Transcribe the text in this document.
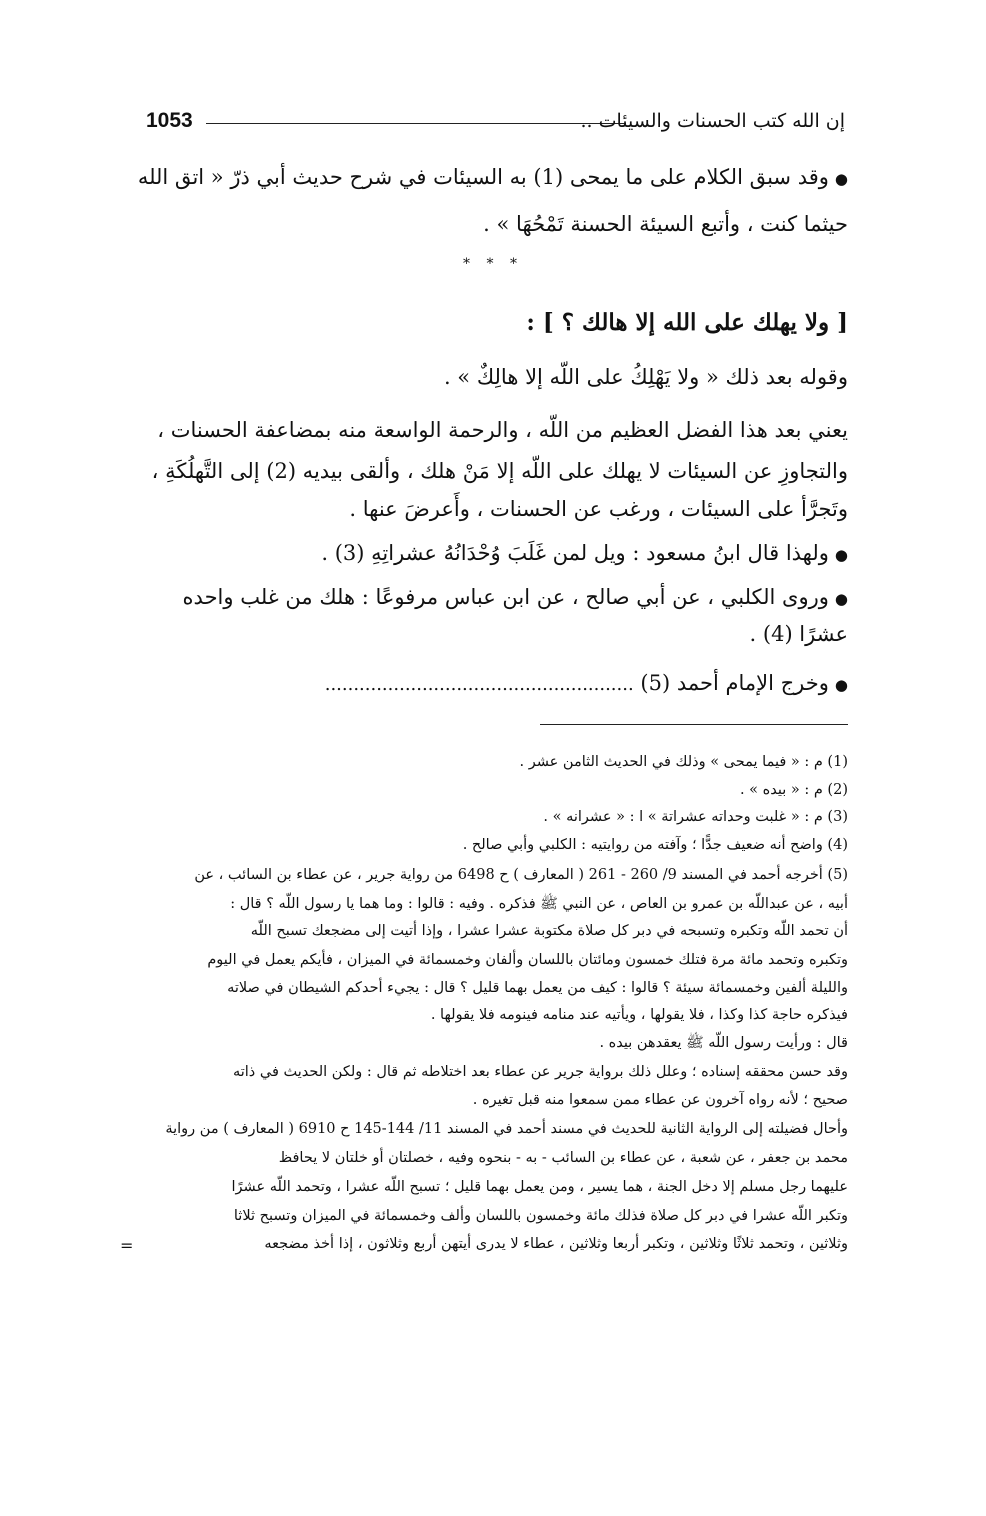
1053	إن الله كتب الحسنات والسيئات ..
●وقد سبق الكلام على ما يمحى (1) به السيئات في شرح حديث أبي ذرّ « اتق الله
حيثما كنت ، وأتبع السيئة الحسنة تَمْحُهَا » .
* * *
[ ولا يهلك على الله إلا هالك ؟ ] :
وقوله بعد ذلك « ولا يَهْلِكُ على اللّه إلا هالِكٌ » .
يعني بعد هذا الفضل العظيم من اللّه ، والرحمة الواسعة منه بمضاعفة الحسنات ،
والتجاوزِ عن السيئات لا يهلك على اللّه إلا مَنْ هلك ، وألقى بيديه (2) إلى التَّهلُكَةِ ،
وتَجرَّأ على السيئات ، ورغب عن الحسنات ، وأَعرضَ عنها .
●ولهذا قال ابنُ مسعود : ويل لمن غَلَبَ وُحْدَانُهُ عشراتِهِ (3) .
●وروى الكلبي ، عن أبي صالح ، عن ابن عباس مرفوعًا : هلك من غلب واحده
عشرًا (4) .
●وخرج الإمام أحمد (5) ......................................................
(1) م : « فيما يمحى » وذلك في الحديث الثامن عشر .
(2) م : « بيده » .
(3) م : « غلبت وحداته عشراتة » ا : « عشرانه » .
(4) واضح أنه ضعيف جدًّا ؛ وآفته من روايتيه : الكلبي وأبي صالح .
(5) أخرجه أحمد في المسند 9/ 260 - 261 ( المعارف ) ح 6498 من رواية جرير ، عن عطاء بن السائب ، عن
أبيه ، عن عبداللّه بن عمرو بن العاص ، عن النبي ﷺ فذكره . وفيه : قالوا : وما هما يا رسول اللّه ؟ قال :
أن تحمد اللّه وتكبره وتسبحه في دبر كل صلاة مكتوبة عشرا عشرا ، وإذا أتيت إلى مضجعك تسبح اللّه
وتكبره وتحمد مائة مرة فتلك خمسون ومائتان باللسان وألفان وخمسمائة في الميزان ، فأيكم يعمل في اليوم
والليلة ألفين وخمسمائة سيئة ؟ قالوا : كيف من يعمل بهما قليل ؟ قال : يجيء أحدكم الشيطان في صلاته
فيذكره حاجة كذا وكذا ، فلا يقولها ، ويأتيه عند منامه فينومه فلا يقولها .
قال : ورأيت رسول اللّه ﷺ يعقدهن بيده .
وقد حسن محققه إسناده ؛ وعلل ذلك برواية جرير عن عطاء بعد اختلاطه ثم قال : ولكن الحديث في ذاته
صحيح ؛ لأنه رواه آخرون عن عطاء ممن سمعوا منه قبل تغيره .
وأحال فضيلته إلى الرواية الثانية للحديث في مسند أحمد في المسند 11/ 144-145 ح 6910 ( المعارف ) من رواية
محمد بن جعفر ، عن شعبة ، عن عطاء بن السائب - به - بنحوه وفيه ، خصلتان أو خلتان لا يحافظ
عليهما رجل مسلم إلا دخل الجنة ، هما يسير ، ومن يعمل بهما قليل ؛ تسبح اللّه عشرا ، وتحمد اللّه عشرًا
وتكبر اللّه عشرا في دبر كل صلاة فذلك مائة وخمسون باللسان وألف وخمسمائة في الميزان وتسبح ثلاثا
وثلاثين ، وتحمد ثلاثًا وثلاثين ، وتكبر أربعا وثلاثين ، عطاء لا يدرى أيتهن أربع وثلاثون ، إذا أخذ مضجعه
=
